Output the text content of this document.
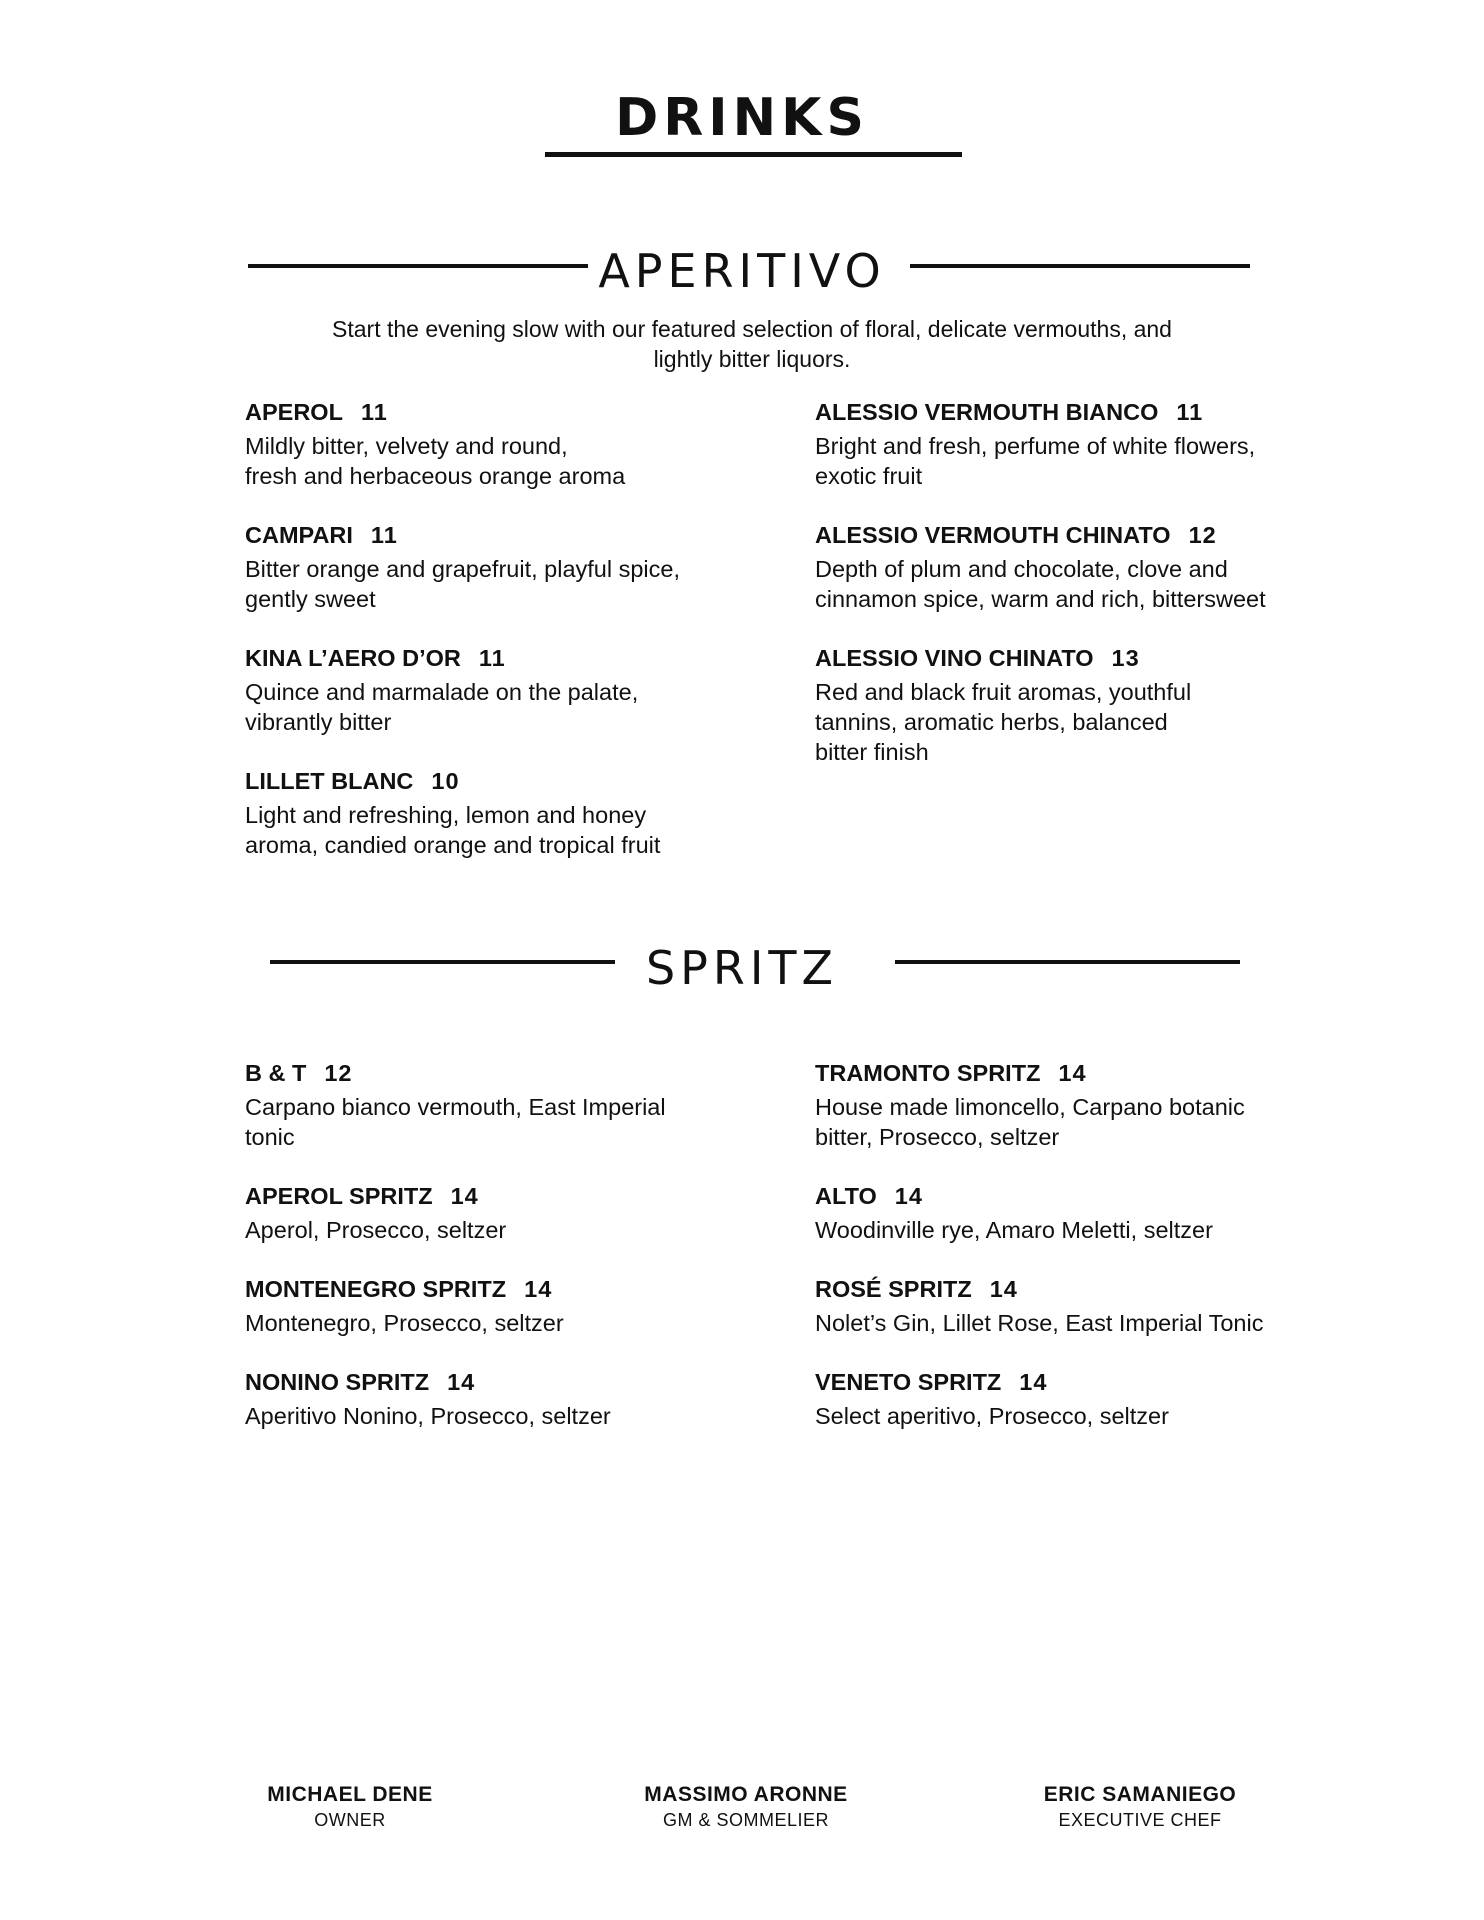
DRINKS
APERITIVO

Start the evening slow with our featured selection of floral, delicate vermouths, and lightly bitter liquors.

APEROL 11
Mildly bitter, velvety and round,
fresh and herbaceous orange aroma
CAMPARI 11
Bitter orange and grapefruit, playful spice,
gently sweet
KINA L’AERO D’OR 11
Quince and marmalade on the palate,
vibrantly bitter
LILLET BLANC 10
Light and refreshing, lemon and honey
aroma, candied orange and tropical fruit
ALESSIO VERMOUTH BIANCO 11
Bright and fresh, perfume of white flowers,
exotic fruit
ALESSIO VERMOUTH CHINATO 12
Depth of plum and chocolate, clove and
cinnamon spice, warm and rich, bittersweet
ALESSIO VINO CHINATO 13
Red and black fruit aromas, youthful
tannins, aromatic herbs, balanced
bitter finish
SPRITZ
B & T 12
Carpano bianco vermouth, East Imperial
tonic
APEROL SPRITZ 14
Aperol, Prosecco, seltzer
MONTENEGRO SPRITZ 14
Montenegro, Prosecco, seltzer
NONINO SPRITZ 14
Aperitivo Nonino, Prosecco, seltzer
TRAMONTO SPRITZ 14
House made limoncello, Carpano botanic
bitter, Prosecco, seltzer
ALTO 14
Woodinville rye, Amaro Meletti, seltzer
ROSÉ SPRITZ 14
Nolet’s Gin, Lillet Rose, East Imperial Tonic
VENETO SPRITZ 14
Select aperitivo, Prosecco, seltzer
MICHAEL DENE
OWNER
MASSIMO ARONNE
GM & SOMMELIER
ERIC SAMANIEGO
EXECUTIVE CHEF
